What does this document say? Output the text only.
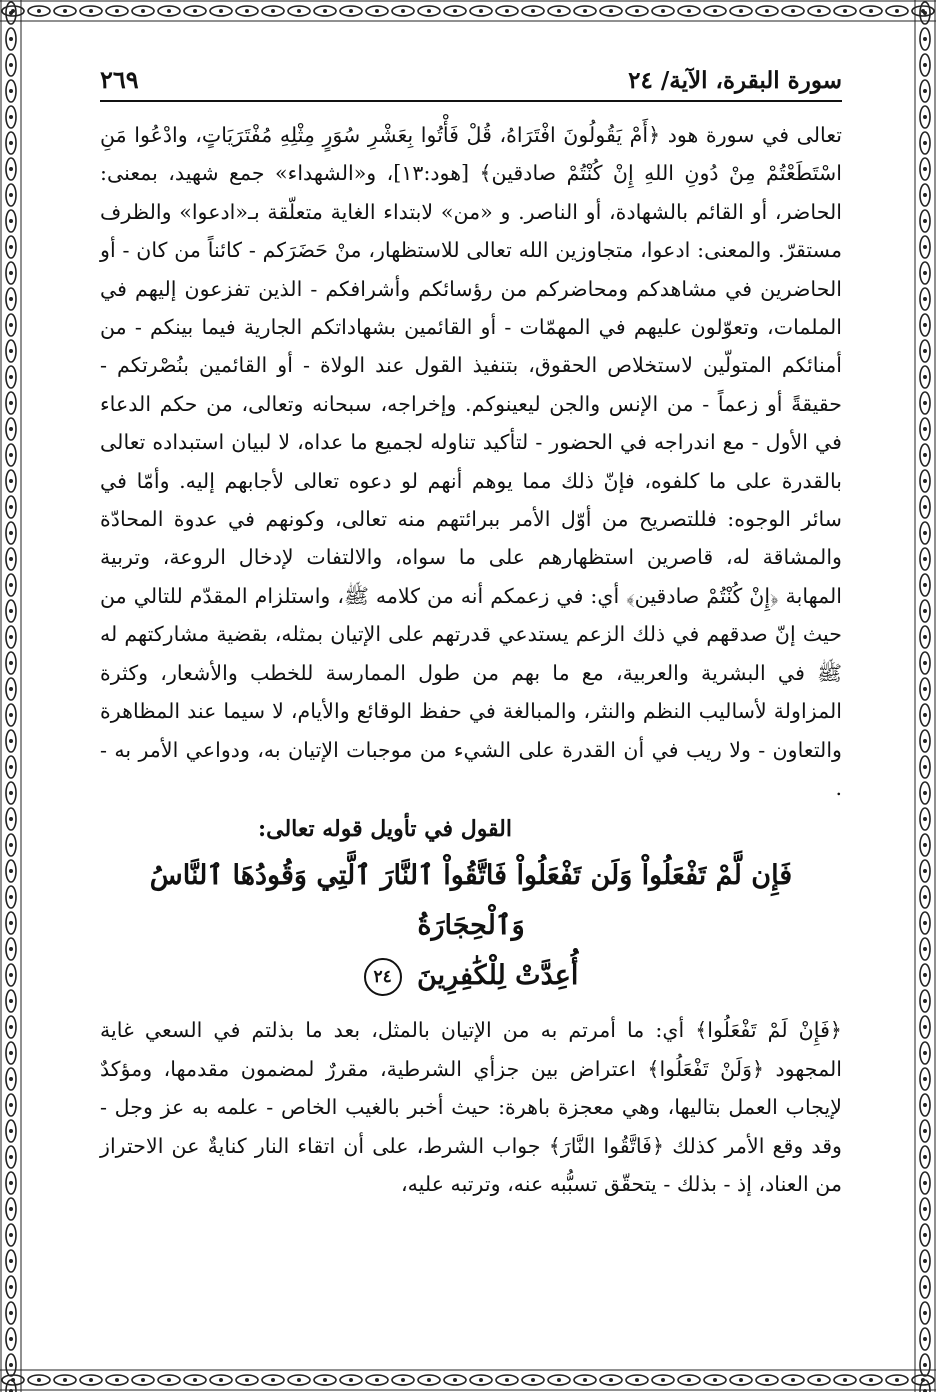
سورة البقرة، الآية/ ٢٤
٢٦٩

تعالى في سورة هود ﴿أَمْ يَقُولُونَ افْتَرَاهُ، قُلْ فَأْتُوا بِعَشْرِ سُوَرٍ مِثْلِهِ مُفْتَرَيَاتٍ، وادْعُوا مَنِ اسْتَطَعْتُمْ مِنْ دُونِ اللهِ إِنْ كُنْتُمْ صادقين﴾ [هود:١٣]، و«الشهداء» جمع شهيد، بمعنى: الحاضر، أو القائم بالشهادة، أو الناصر. و «من» لابتداء الغاية متعلّقة بـ«ادعوا» والظرف مستقرّ. والمعنى: ادعوا، متجاوزين الله تعالى للاستظهار، منْ حَضَرَكم - كائناً من كان - أو الحاضرين في مشاهدكم ومحاضركم من رؤسائكم وأشرافكم - الذين تفزعون إليهم في الملمات، وتعوّلون عليهم في المهمّات - أو القائمين بشهاداتكم الجارية فيما بينكم - من أمنائكم المتولّين لاستخلاص الحقوق، بتنفيذ القول عند الولاة - أو القائمين بنُصْرتكم - حقيقةً أو زعماً - من الإنس والجن ليعينوكم. وإخراجه، سبحانه وتعالى، من حكم الدعاء في الأول - مع اندراجه في الحضور - لتأكيد تناوله لجميع ما عداه، لا لبيان استبداده تعالى بالقدرة على ما كلفوه، فإنّ ذلك مما يوهم أنهم لو دعوه تعالى لأجابهم إليه. وأمّا في سائر الوجوه: فللتصريح من أوّل الأمر ببرائتهم منه تعالى، وكونهم في عدوة المحادّة والمشاقة له، قاصرين استظهارهم على ما سواه، والالتفات لإدخال الروعة، وتربية المهابة ﴿إِنْ كُنْتُمْ صادقين﴾ أي: في زعمكم أنه من كلامه ﷺ، واستلزام المقدّم للتالي من حيث إنّ صدقهم في ذلك الزعم يستدعي قدرتهم على الإتيان بمثله، بقضية مشاركتهم له ﷺ في البشرية والعربية، مع ما بهم من طول الممارسة للخطب والأشعار، وكثرة المزاولة لأساليب النظم والنثر، والمبالغة في حفظ الوقائع والأيام، لا سيما عند المظاهرة والتعاون - ولا ريب في أن القدرة على الشيء من موجبات الإتيان به، ودواعي الأمر به - .

القول في تأويل قوله تعالى:
فَإِن لَّمْ تَفْعَلُواْ وَلَن تَفْعَلُواْ فَاتَّقُواْ ٱلنَّارَ ٱلَّتِي وَقُودُهَا ٱلنَّاسُ وَٱلْحِجَارَةُ
أُعِدَّتْ لِلْكَٰفِرِينَ
٢٤

﴿فَإِنْ لَمْ تَفْعَلُوا﴾ أي: ما أمرتم به من الإتيان بالمثل، بعد ما بذلتم في السعي غاية المجهود ﴿وَلَنْ تَفْعَلُوا﴾ اعتراض بين جزأي الشرطية، مقررٌ لمضمون مقدمها، ومؤكدٌ لإيجاب العمل بتاليها، وهي معجزة باهرة: حيث أخبر بالغيب الخاص - علمه به عز وجل - وقد وقع الأمر كذلك ﴿فَاتَّقُوا النَّارَ﴾ جواب الشرط، على أن اتقاء النار كنايةٌ عن الاحتراز من العناد، إذ - بذلك - يتحقّق تسبُّبه عنه، وترتبه عليه،
